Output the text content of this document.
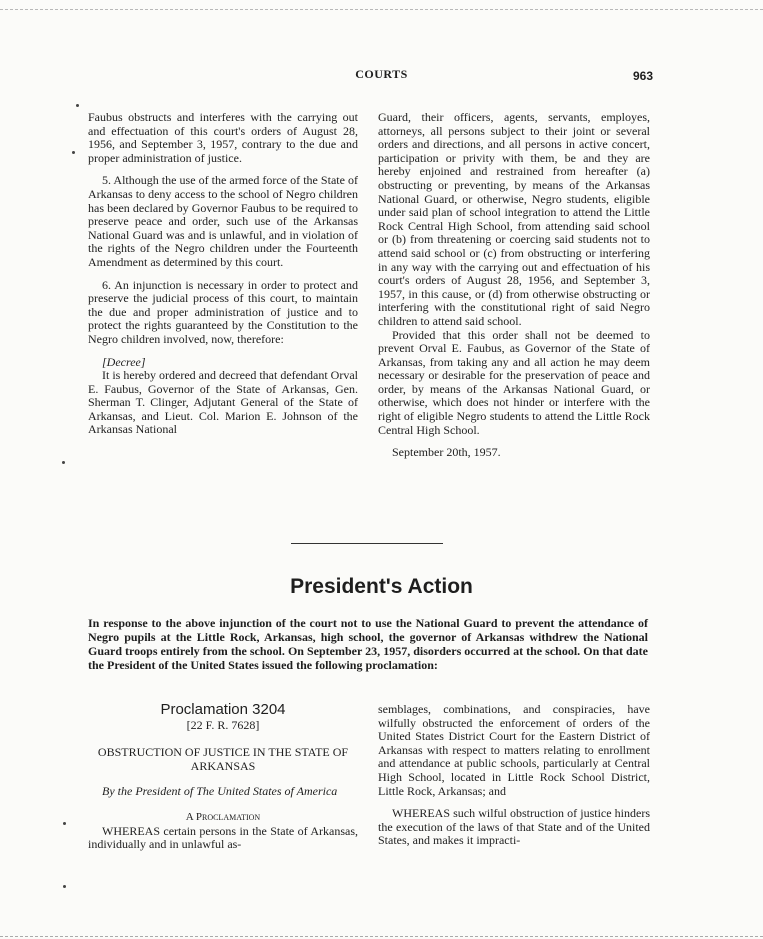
COURTS	963

Faubus obstructs and interferes with the carrying out and effectuation of this court's orders of August 28, 1956, and September 3, 1957, contrary to the due and proper administration of justice.

5. Although the use of the armed force of the State of Arkansas to deny access to the school of Negro children has been declared by Governor Faubus to be required to preserve peace and order, such use of the Arkansas National Guard was and is unlawful, and in violation of the rights of the Negro children under the Fourteenth Amendment as determined by this court.

6. An injunction is necessary in order to protect and preserve the judicial process of this court, to maintain the due and proper administration of justice and to protect the rights guaranteed by the Constitution to the Negro children involved, now, therefore:

[Decree]

It is hereby ordered and decreed that defendant Orval E. Faubus, Governor of the State of Arkansas, Gen. Sherman T. Clinger, Adjutant General of the State of Arkansas, and Lieut. Col. Marion E. Johnson of the Arkansas National

Guard, their officers, agents, servants, employes, attorneys, all persons subject to their joint or several orders and directions, and all persons in active concert, participation or privity with them, be and they are hereby enjoined and restrained from hereafter (a) obstructing or preventing, by means of the Arkansas National Guard, or otherwise, Negro students, eligible under said plan of school integration to attend the Little Rock Central High School, from attending said school or (b) from threatening or coercing said students not to attend said school or (c) from obstructing or interfering in any way with the carrying out and effectuation of his court's orders of August 28, 1956, and September 3, 1957, in this cause, or (d) from otherwise obstructing or interfering with the constitutional right of said Negro children to attend said school.

Provided that this order shall not be deemed to prevent Orval E. Faubus, as Governor of the State of Arkansas, from taking any and all action he may deem necessary or desirable for the preservation of peace and order, by means of the Arkansas National Guard, or otherwise, which does not hinder or interfere with the right of eligible Negro students to attend the Little Rock Central High School.

September 20th, 1957.

President's Action
In response to the above injunction of the court not to use the National Guard to prevent the attendance of Negro pupils at the Little Rock, Arkansas, high school, the governor of Arkansas withdrew the National Guard troops entirely from the school. On September 23, 1957, disorders occurred at the school. On that date the President of the United States issued the following proclamation:
Proclamation 3204

[22 F. R. 7628]

OBSTRUCTION OF JUSTICE IN THE STATE OF ARKANSAS

By the President of The United States of America

A Proclamation

WHEREAS certain persons in the State of Arkansas, individually and in unlawful as-

semblages, combinations, and conspiracies, have wilfully obstructed the enforcement of orders of the United States District Court for the Eastern District of Arkansas with respect to matters relating to enrollment and attendance at public schools, particularly at Central High School, located in Little Rock School District, Little Rock, Arkansas; and

WHEREAS such wilful obstruction of justice hinders the execution of the laws of that State and of the United States, and makes it impracti-
